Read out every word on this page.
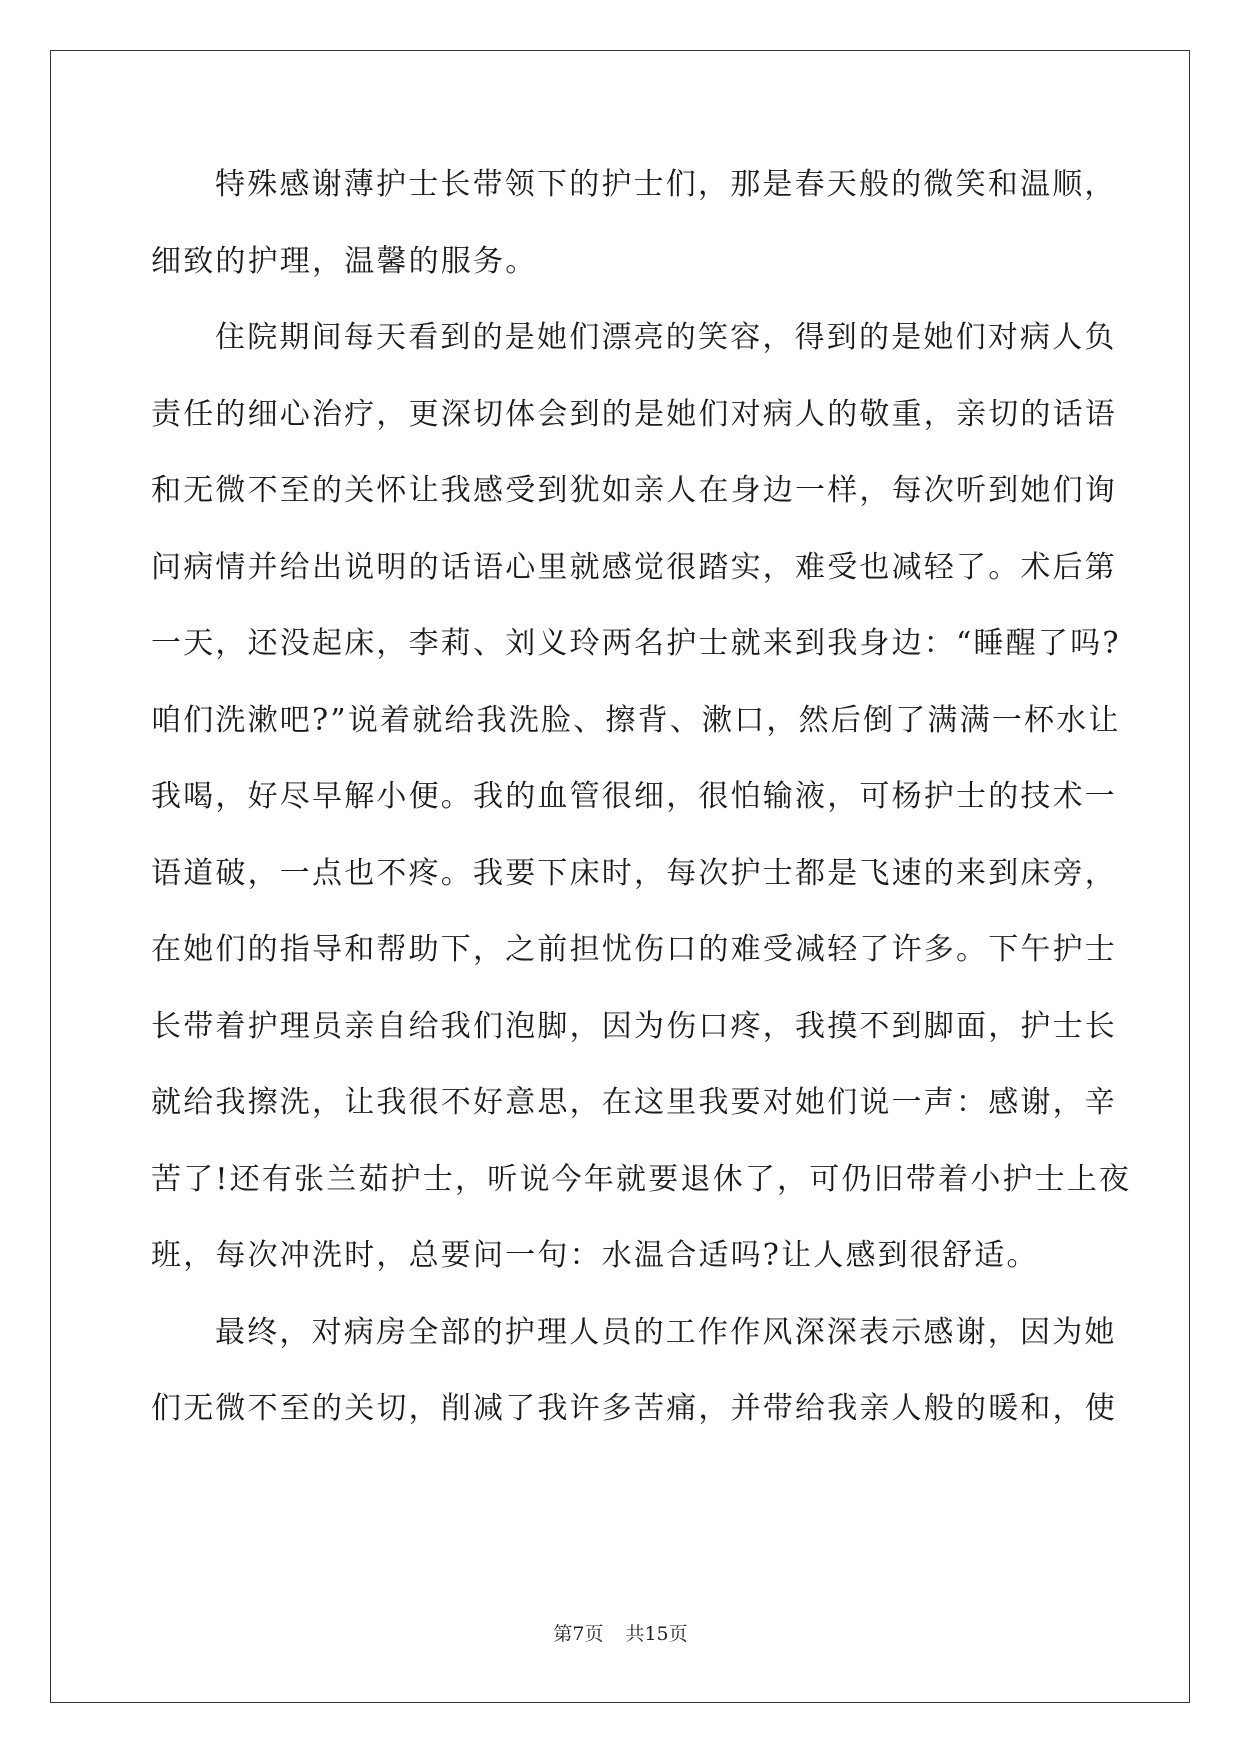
特殊感谢薄护士长带领下的护士们，那是春天般的微笑和温顺，
细致的护理，温馨的服务。
住院期间每天看到的是她们漂亮的笑容，得到的是她们对病人负
责任的细心治疗，更深切体会到的是她们对病人的敬重，亲切的话语
和无微不至的关怀让我感受到犹如亲人在身边一样，每次听到她们询
问病情并给出说明的话语心里就感觉很踏实，难受也减轻了。术后第
一天，还没起床，李莉、刘义玲两名护士就来到我身边：“睡醒了吗?
咱们洗漱吧?”说着就给我洗脸、擦背、漱口，然后倒了满满一杯水让
我喝，好尽早解小便。我的血管很细，很怕输液，可杨护士的技术一
语道破，一点也不疼。我要下床时，每次护士都是飞速的来到床旁，
在她们的指导和帮助下，之前担忧伤口的难受减轻了许多。下午护士
长带着护理员亲自给我们泡脚，因为伤口疼，我摸不到脚面，护士长
就给我擦洗，让我很不好意思，在这里我要对她们说一声：感谢，辛
苦了!还有张兰茹护士，听说今年就要退休了，可仍旧带着小护士上夜
班，每次冲洗时，总要问一句：水温合适吗?让人感到很舒适。
最终，对病房全部的护理人员的工作作风深深表示感谢，因为她
们无微不至的关切，削减了我许多苦痛，并带给我亲人般的暖和，使
第7页 共15页
